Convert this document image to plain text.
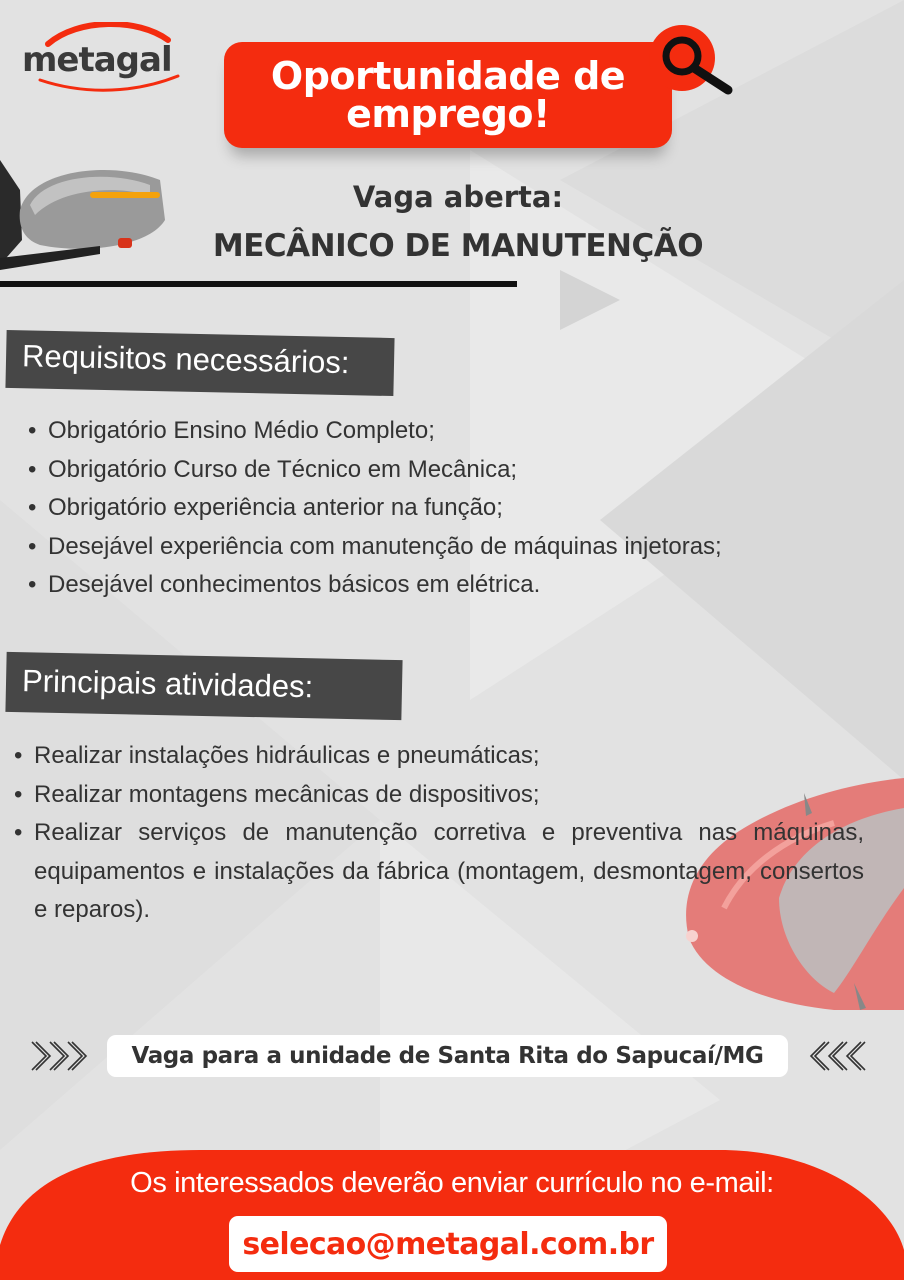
metagal	Oportunidade de emprego!
Vaga aberta:
MECÂNICO DE MANUTENÇÃO
Requisitos necessários:
• Obrigatório Ensino Médio Completo;
• Obrigatório Curso de Técnico em Mecânica;
• Obrigatório experiência anterior na função;
• Desejável experiência com manutenção de máquinas injetoras;
• Desejável conhecimentos básicos em elétrica.
Principais atividades:
• Realizar instalações hidráulicas e pneumáticas;
• Realizar montagens mecânicas de dispositivos;
• Realizar serviços de manutenção corretiva e preventiva nas máquinas, equipamentos e instalações da fábrica (montagem, desmontagem, consertos e reparos).
Vaga para a unidade de Santa Rita do Sapucaí/MG
Os interessados deverão enviar currículo no e-mail:
selecao@metagal.com.br
